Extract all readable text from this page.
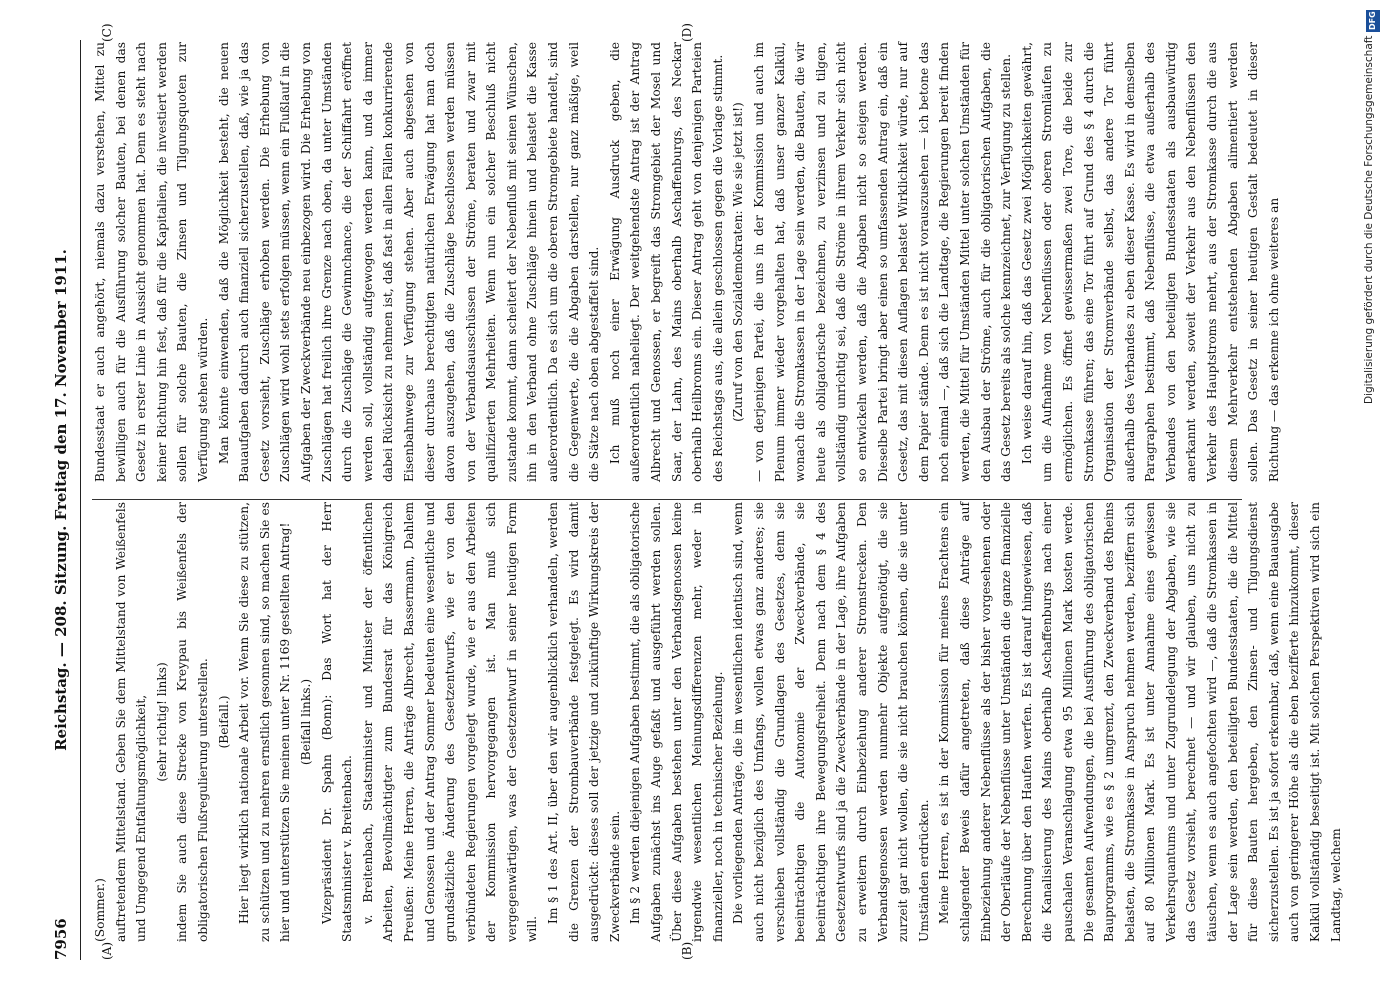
7956
Reichstag. — 208. Sitzung. Freitag den 17. November 1911.
(A)	(B)
(C)	(D)

(Sommer.) auftretendem Mittelstand. Geben Sie dem Mittelstand von Weißenfels und Umgegend Entfaltungsmöglichkeit, (sehr richtig! links) indem Sie auch diese Strecke von Kreypau bis Weißenfels der obligatorischen Flußregulierung unterstellen. (Beifall.) Hier liegt wirklich nationale Arbeit vor. Wenn Sie diese zu stützen, zu schützen und zu mehren ernstlich gesonnen sind, so machen Sie es hier und unterstützen Sie meinen unter Nr. 1169 gestellten Antrag! (Beifall links.) Vizepräsident Dr. Spahn (Bonn): Das Wort hat der Herr Staatsminister v. Breitenbach. v. Breitenbach, Staatsminister und Minister der öffentlichen Arbeiten, Bevollmächtigter zum Bundesrat für das Königreich Preußen: Meine Herren, die Anträge Albrecht, Bassermann, Dahlem und Genossen und der Antrag Sommer bedeuten eine wesentliche und grundsätzliche Änderung des Gesetzentwurfs, wie er von den verbündeten Regierungen vorgelegt wurde, wie er aus den Arbeiten der Kommission hervorgegangen ist. Man muß sich vergegenwärtigen, was der Gesetzentwurf in seiner heutigen Form will.

Im § 1 des Art. II, über den wir augenblicklich verhandeln, werden die Grenzen der Strombauverbände festgelegt. Es wird damit ausgedrückt: dieses soll der jetzige und zukünftige Wirkungskreis der Zweckverbände sein. Im § 2 werden diejenigen Aufgaben bestimmt, die als obligatorische Aufgaben zunächst ins Auge gefaßt und ausgeführt werden sollen. Über diese Aufgaben bestehen unter den Verbandsgenossen keine irgendwie wesentlichen Meinungsdifferenzen mehr, weder in finanzieller, noch in technischer Beziehung. Die vorliegenden Anträge, die im wesentlichen identisch sind, wenn auch nicht bezüglich des Umfangs, wollen etwas ganz anderes; sie verschieben vollständig die Grundlagen des Gesetzes, denn sie beeinträchtigen die Autonomie der Zweckverbände, sie beeinträchtigen ihre Bewegungsfreiheit. Denn nach dem § 4 des Gesetzentwurfs sind ja die Zweckverbände in der Lage, ihre Aufgaben zu erweitern durch Einbeziehung anderer Stromstrecken. Den Verbandsgenossen werden nunmehr Objekte aufgenötigt, die sie zurzeit gar nicht wollen, die sie nicht brauchen können, die sie unter Umständen erdrücken. Meine Herren, es ist in der Kommission für meines Erachtens ein schlagender Beweis dafür angetreten, daß diese Anträge auf Einbeziehung anderer Nebenflüsse als der bisher vorgesehenen oder der Oberläufe der Nebenflüsse unter Umständen die ganze finanzielle Berechnung über den Haufen werfen. Es ist darauf hingewiesen, daß die Kanalisierung des Mains oberhalb Aschaffenburgs nach einer pauschalen Veranschlagung etwa 95 Millionen Mark kosten werde. Die gesamten Aufwendungen, die bei Ausführung des obligatorischen Bauprogramms, wie es § 2 umgrenzt, den Zweckverband des Rheins belasten, die Stromkasse in Anspruch nehmen werden, beziffern sich auf 80 Millionen Mark. Es ist unter Annahme eines gewissen Verkehrsquantums und unter Zugrundelegung der Abgaben, wie sie das Gesetz vorsieht, berechnet — und wir glauben, uns nicht zu täuschen, wenn es auch angefochten wird —, daß die Stromkassen in der Lage sein werden, den beteiligten Bundesstaaten, die die Mittel für diese Bauten hergeben, den Zinsen- und Tilgungsdienst sicherzustellen. Es ist ja sofort erkennbar, daß, wenn eine Bauausgabe auch von geringerer Höhe als die eben bezifferte hinzukommt, dieser Kalkül vollständig beseitigt ist. Mit solchen Perspektiven wird sich ein Landtag, welchem

Bundesstaat er auch angehört, niemals dazu verstehen, Mittel zu bewilligen auch für die Ausführung solcher Bauten, bei denen das Gesetz in erster Linie in Aussicht genommen hat. Denn es steht nach keiner Richtung hin fest, daß für die Kapitalien, die investiert werden sollen für solche Bauten, die Zinsen und Tilgungsquoten zur Verfügung stehen würden. Man könnte einwenden, daß die Möglichkeit besteht, die neuen Bauaufgaben dadurch auch finanziell sicherzustellen, daß, wie ja das Gesetz vorsieht, Zuschläge erhoben werden. Die Erhebung von Zuschlägen wird wohl stets erfolgen müssen, wenn ein Flußlauf in die Aufgaben der Zweckverbände neu einbezogen wird. Die Erhebung von Zuschlägen hat freilich ihre Grenze nach oben, da unter Umständen durch die Zuschläge die Gewinnchance, die der Schiffahrt eröffnet werden soll, vollständig aufgewogen werden kann, und da immer dabei Rücksicht zu nehmen ist, daß fast in allen Fällen konkurrierende Eisenbahnwege zur Verfügung stehen. Aber auch abgesehen von dieser durchaus berechtigten natürlichen Erwägung hat man doch davon auszugehen, daß die Zuschläge beschlossen werden müssen von der Verbandsausschüssen der Ströme, beraten und zwar mit qualifizierten Mehrheiten. Wenn nun ein solcher Beschluß nicht zustande kommt, dann scheitert der Nebenfluß mit seinen Wünschen, ihn in den Verband ohne Zuschläge hinein und belastet die Kasse außerordentlich. Da es sich um die oberen Stromgebiete handelt, sind die Gegenwerte, die die Abgaben darstellen, nur ganz mäßige, weil die Sätze nach oben abgestaffelt sind. Ich muß noch einer Erwägung Ausdruck geben, die außerordentlich naheliegt. Der weitgehendste Antrag ist der Antrag Albrecht und Genossen, er begreift das Stromgebiet der Mosel und Saar, der Lahn, des Mains oberhalb Aschaffenburgs, des Neckar oberhalb Heilbronns ein. Dieser Antrag geht von denjenigen Parteien des Reichstags aus, die allein geschlossen gegen die Vorlage stimmt. (Zuruf von den Sozialdemokraten: Wie sie jetzt ist!) — von derjenigen Partei, die uns in der Kommission und auch im Plenum immer wieder vorgehalten hat, daß unser ganzer Kalkül, wonach die Stromkassen in der Lage sein werden, die Bauten, die wir heute als obligatorische bezeichnen, zu verzinsen und zu tilgen, vollständig unrichtig sei, daß die Ströme in ihrem Verkehr sich nicht so entwickeln werden, daß die Abgaben nicht so steigen werden. Dieselbe Partei bringt aber einen so umfassenden Antrag ein, daß ein Gesetz, das mit diesen Auflagen belastet Wirklichkeit würde, nur auf dem Papier stände. Denn es ist nicht vorauszusehen — ich betone das noch einmal —, daß sich die Landtage, die Regierungen bereit finden werden, die Mittel für Umständen Mittel unter solchen Umständen für den Ausbau der Ströme, auch für die obligatorischen Aufgaben, die das Gesetz bereits als solche kennzeichnet, zur Verfügung zu stellen. Ich weise darauf hin, daß das Gesetz zwei Möglichkeiten gewährt, um die Aufnahme von Nebenflüssen oder oberen Stromläufen zu ermöglichen. Es öffnet gewissermaßen zwei Tore, die beide zur Stromkasse führen; das eine Tor führt auf Grund des § 4 durch die Organisation der Stromverbände selbst, das andere Tor führt außerhalb des Verbandes zu eben dieser Kasse. Es wird in demselben Paragraphen bestimmt, daß Nebenflüsse, die etwa außerhalb des Verbandes von den beteiligten Bundesstaaten als ausbauwürdig anerkannt werden, soweit der Verkehr aus den Nebenflüssen den Verkehr des Hauptstroms mehrt, aus der Stromkasse durch die aus diesem Mehrverkehr entstehenden Abgaben alimentiert werden sollen. Das Gesetz in seiner heutigen Gestalt bedeutet in dieser Richtung — das erkenne ich ohne weiteres an

DFG
Digitalisierung gefördert durch die Deutsche Forschungsgemeinschaft
